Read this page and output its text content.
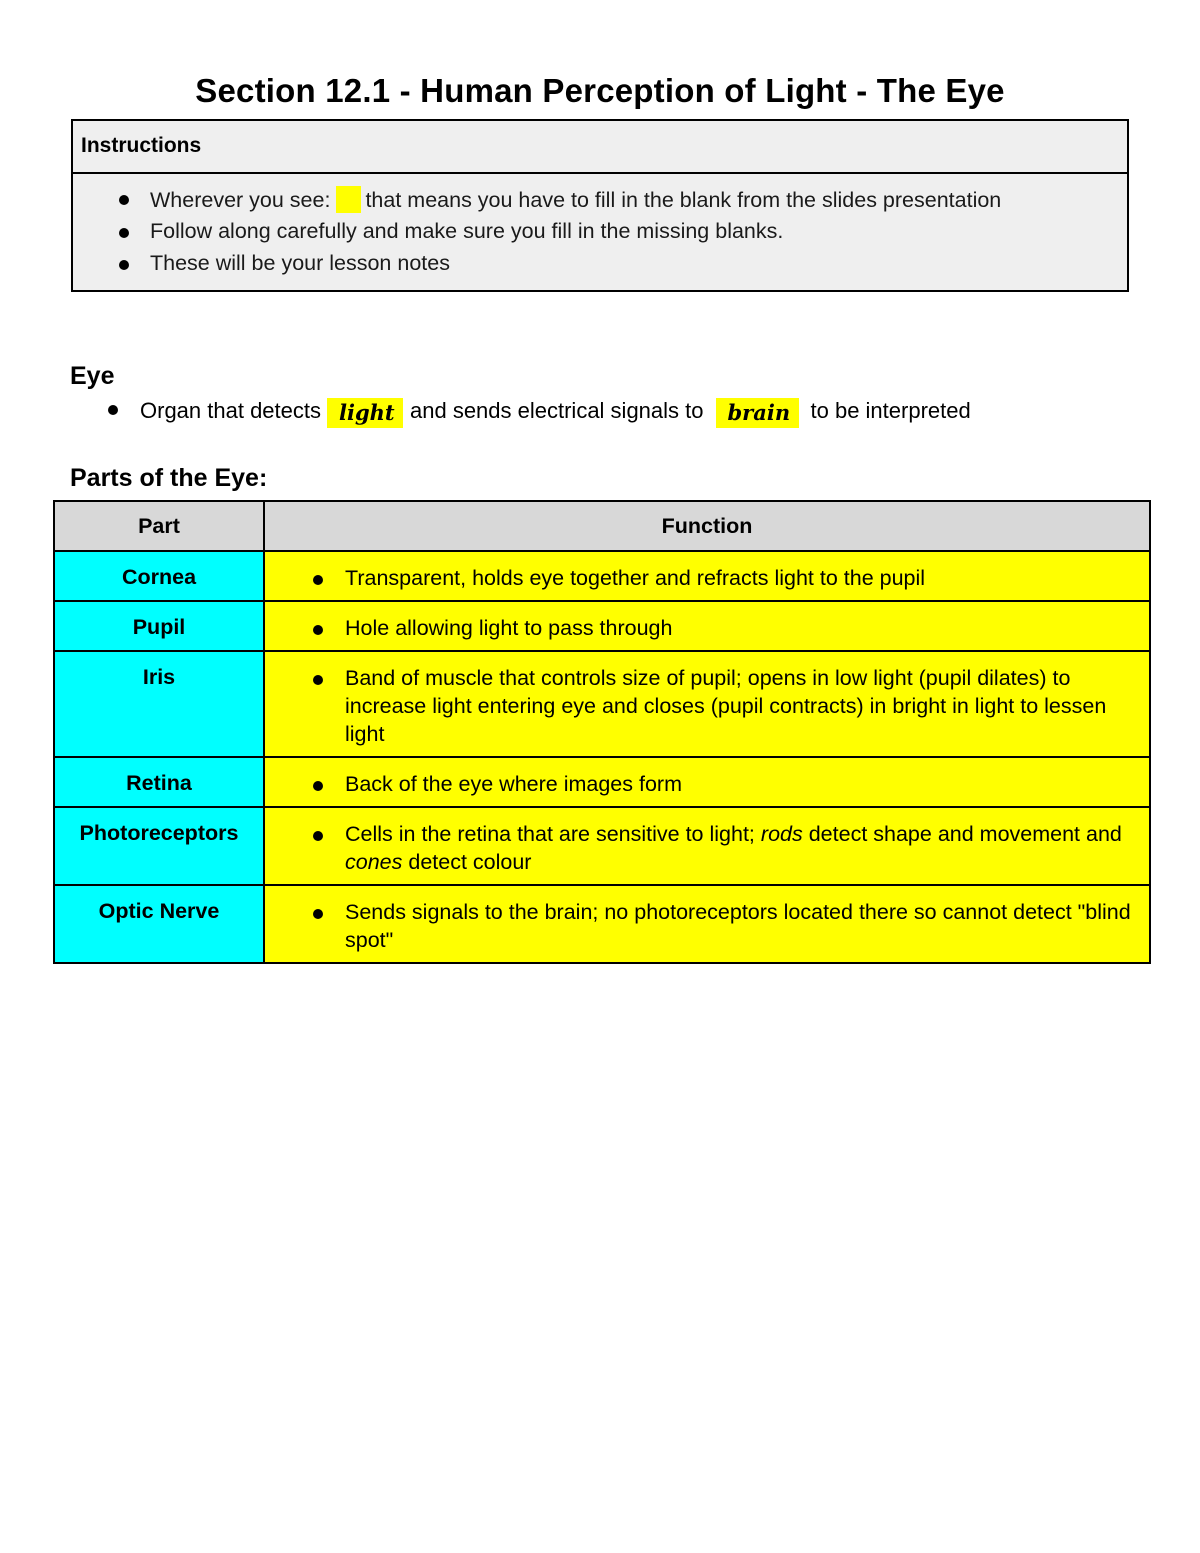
Section 12.1 - Human Perception of Light - The Eye
Instructions
Wherever you see: that means you have to fill in the blank from the slides presentation
Follow along carefully and make sure you fill in the missing blanks.
These will be your lesson notes
Eye
Organ that detects light and sends electrical signals to brain to be interpreted
Parts of the Eye:
Part	Function
Cornea	Transparent, holds eye together and refracts light to the pupil
Pupil	Hole allowing light to pass through
Iris	Band of muscle that controls size of pupil; opens in low light (pupil dilates) to increase light entering eye and closes (pupil contracts) in bright in light to lessen light
Retina	Back of the eye where images form
Photoreceptors	Cells in the retina that are sensitive to light; rods detect shape and movement and cones detect colour
Optic Nerve	Sends signals to the brain; no photoreceptors located there so cannot detect "blind spot"
